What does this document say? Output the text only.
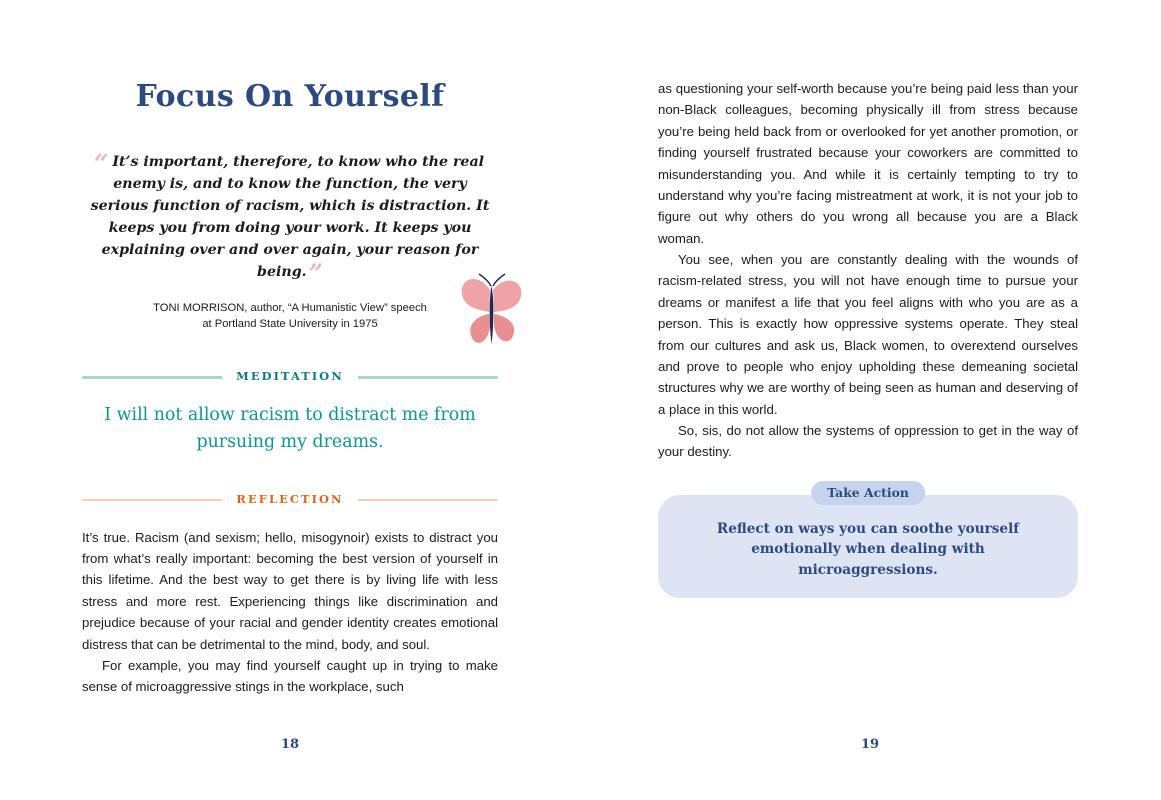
Focus On Yourself
“ It’s important, therefore, to know who the real enemy is, and to know the function, the very serious function of racism, which is distraction. It keeps you from doing your work. It keeps you explaining over and over again, your reason for being.”
TONI MORRISON, author, “A Humanistic View” speech
at Portland State University in 1975
MEDITATION
I will not allow racism to distract me from pursuing my dreams.
REFLECTION

It’s true. Racism (and sexism; hello, misogynoir) exists to distract you from what’s really important: becoming the best version of yourself in this lifetime. And the best way to get there is by living life with less stress and more rest. Experiencing things like discrimination and prejudice because of your racial and gender identity creates emotional distress that can be detrimental to the mind, body, and soul.

For example, you may find yourself caught up in trying to make sense of microaggressive stings in the workplace, such

18

as questioning your self-worth because you’re being paid less than your non-Black colleagues, becoming physically ill from stress because you’re being held back from or overlooked for yet another promotion, or finding yourself frustrated because your coworkers are committed to misunderstanding you. And while it is certainly tempting to try to understand why you’re facing mistreatment at work, it is not your job to figure out why others do you wrong all because you are a Black woman.

You see, when you are constantly dealing with the wounds of racism-related stress, you will not have enough time to pursue your dreams or manifest a life that you feel aligns with who you are as a person. This is exactly how oppressive systems operate. They steal from our cultures and ask us, Black women, to overextend ourselves and prove to people who enjoy upholding these demeaning societal structures why we are worthy of being seen as human and deserving of a place in this world.

So, sis, do not allow the systems of oppression to get in the way of your destiny.

Take Action
Reflect on ways you can soothe yourself emotionally when dealing with microaggressions.
19
